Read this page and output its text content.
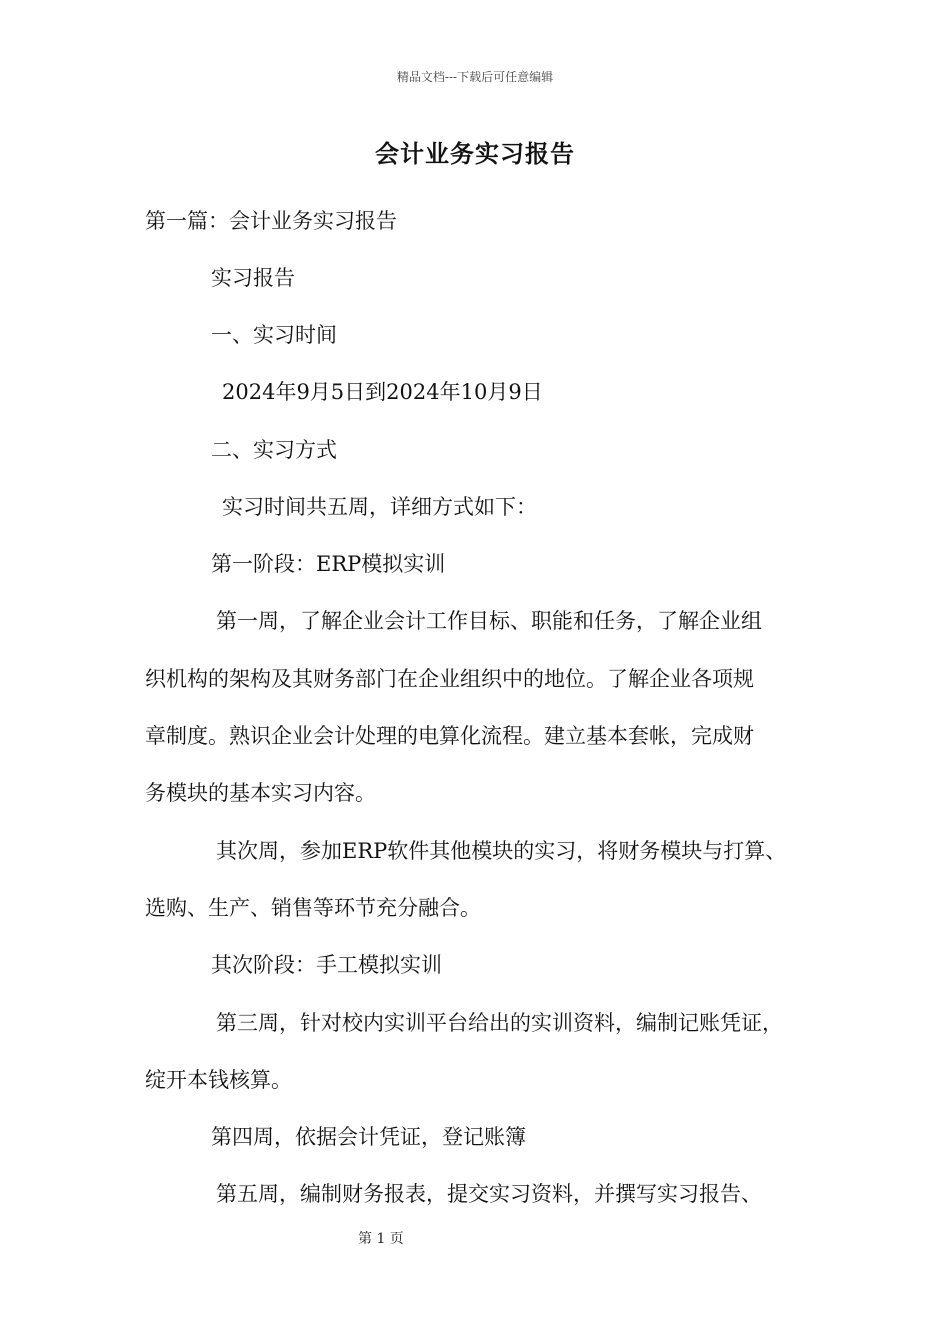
精品文档---下载后可任意编辑
会计业务实习报告
第一篇：会计业务实习报告
实习报告
一、实习时间
2024年9月5日到2024年10月9日
二、实习方式
实习时间共五周，详细方式如下：
第一阶段：ERP模拟实训
第一周，了解企业会计工作目标、职能和任务，了解企业组
织机构的架构及其财务部门在企业组织中的地位。了解企业各项规
章制度。熟识企业会计处理的电算化流程。建立基本套帐，完成财
务模块的基本实习内容。
其次周，参加ERP软件其他模块的实习，将财务模块与打算、
选购、生产、销售等环节充分融合。
其次阶段：手工模拟实训
第三周，针对校内实训平台给出的实训资料，编制记账凭证，
绽开本钱核算。
第四周，依据会计凭证，登记账簿
第五周，编制财务报表，提交实习资料，并撰写实习报告、
第 1 页
